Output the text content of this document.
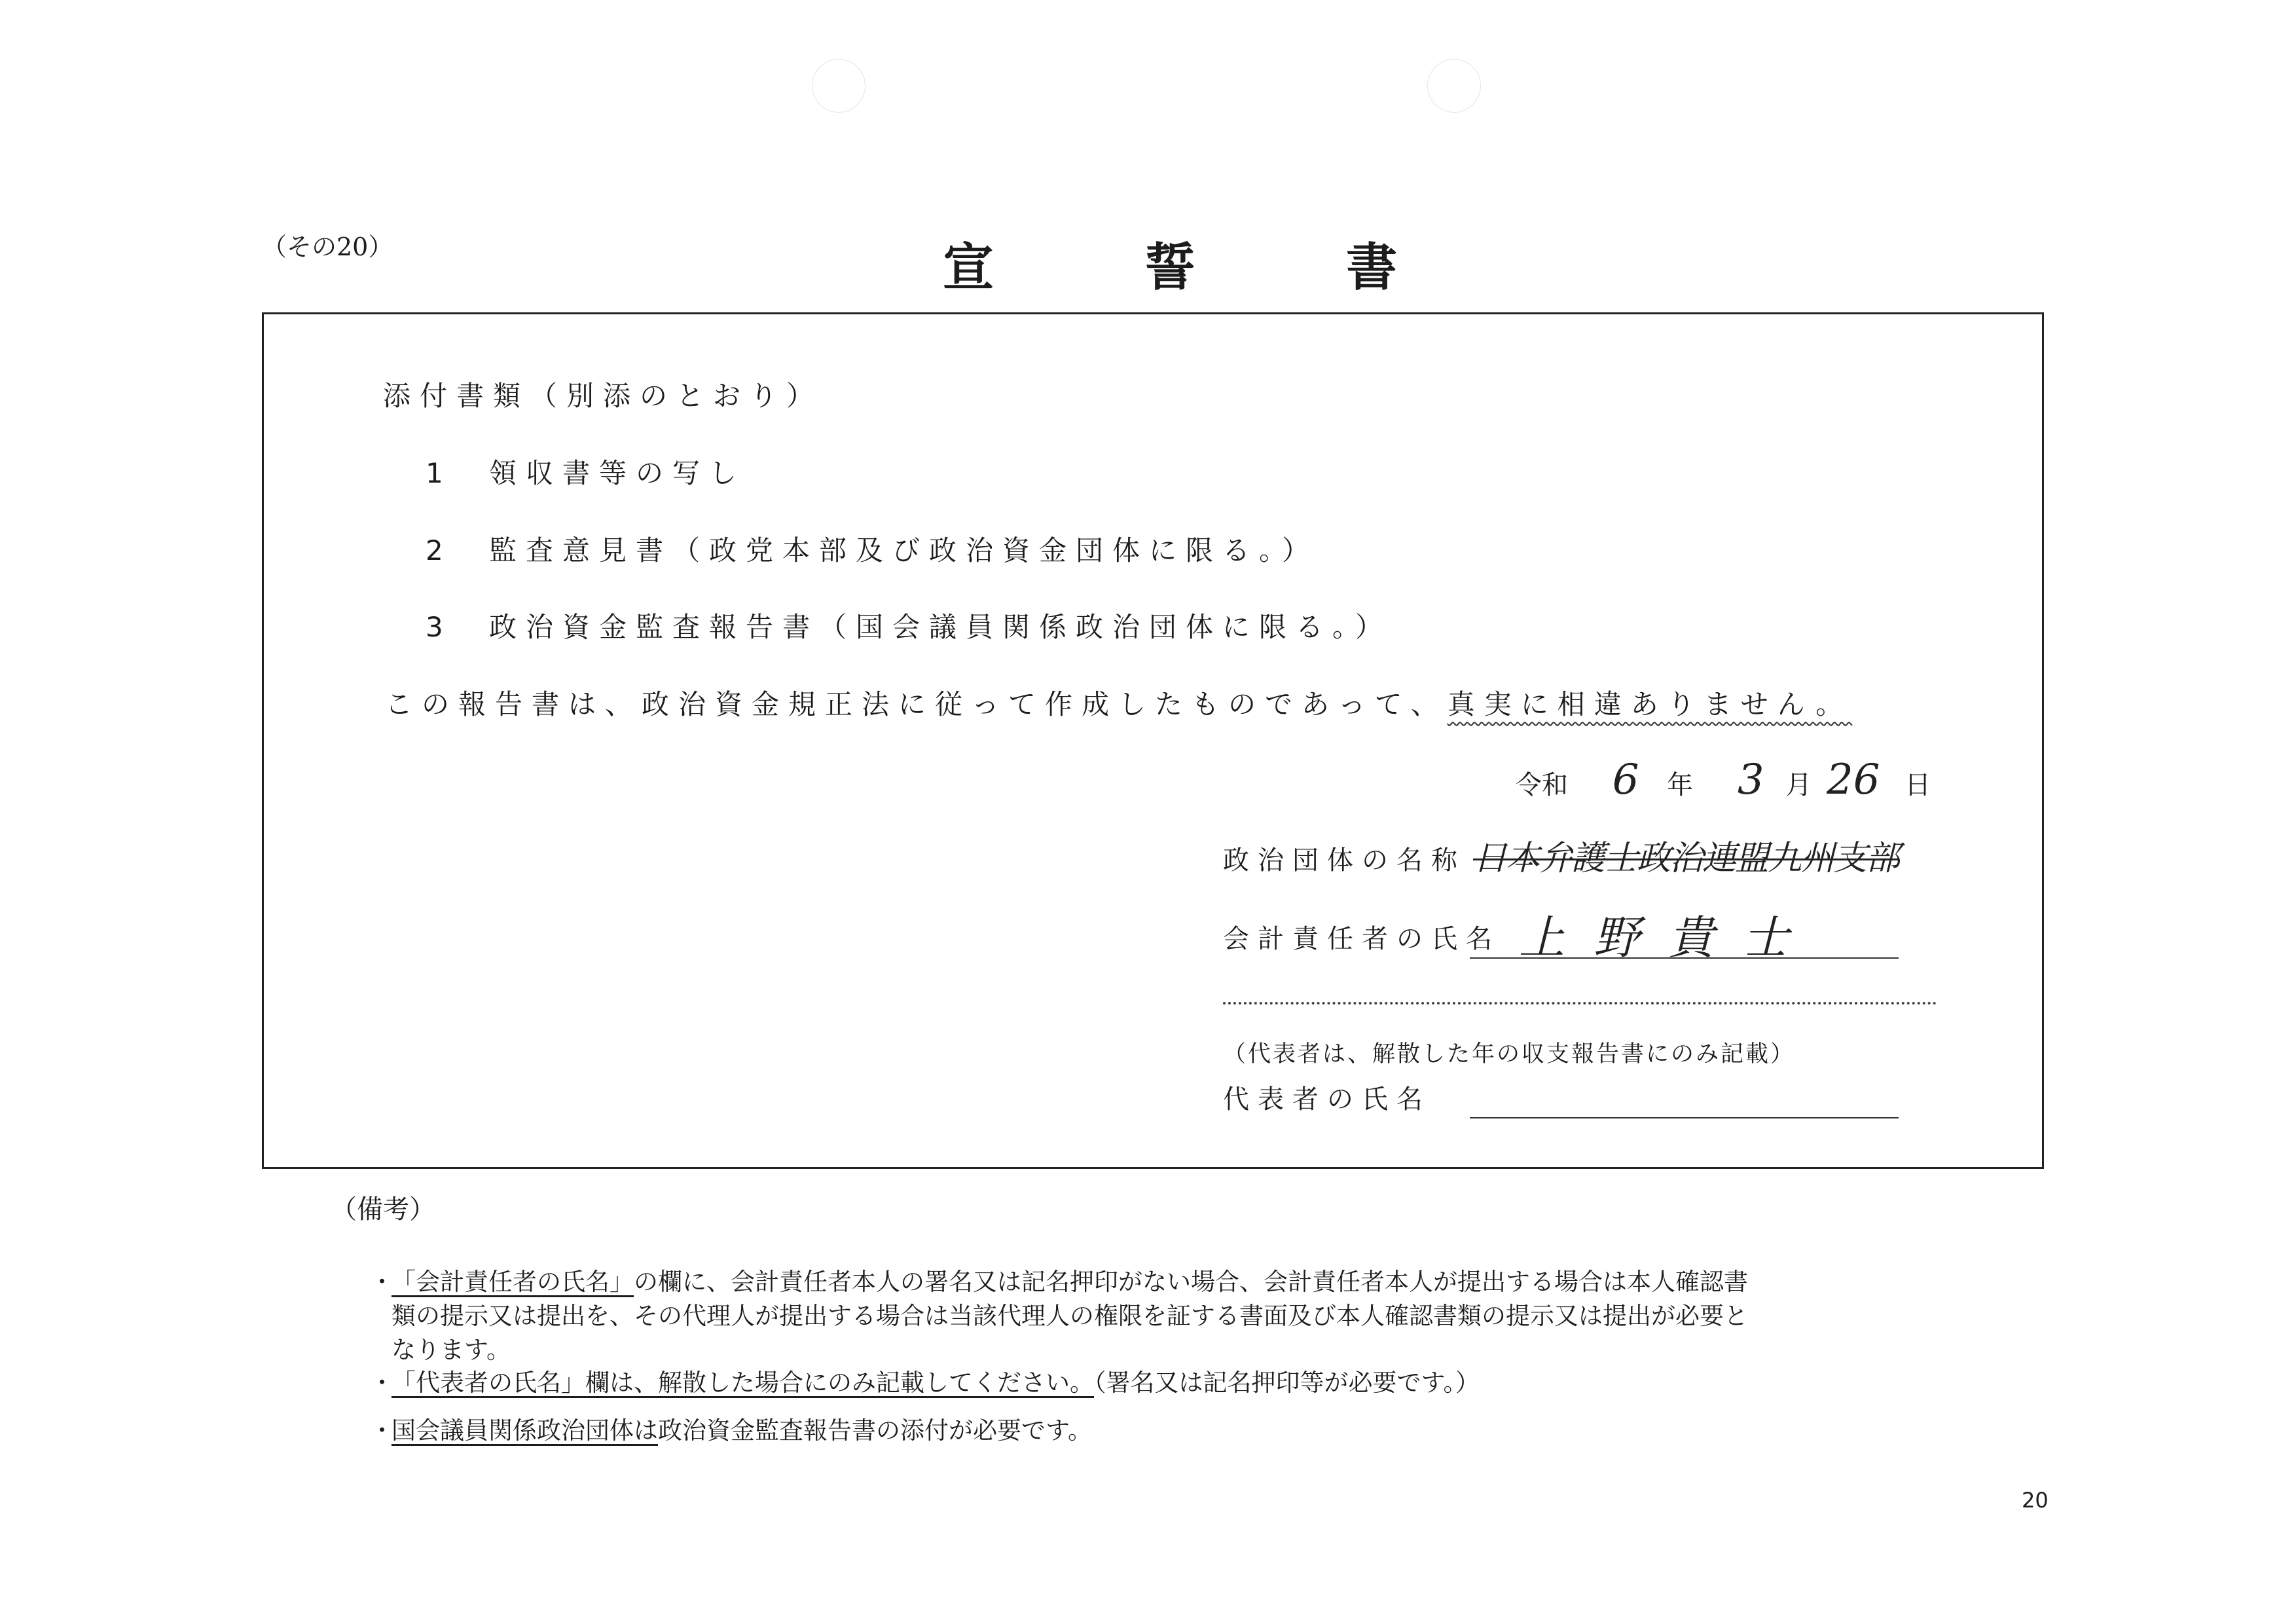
（その20）	宣誓書
添付書類（別添のとおり）
1 領収書等の写し
2 監査意見書（政党本部及び政治資金団体に限る。）
3 政治資金監査報告書（国会議員関係政治団体に限る。）
この報告書は、政治資金規正法に従って作成したものであって、真実に相違ありません。
令和 6 年 3 月 26 日
政治団体の名称 日本弁護士政治連盟九州支部
会計責任者の氏名 上野貴士
（代表者は、解散した年の収支報告書にのみ記載）
代表者の氏名
（備考）
・
「会計責任者の氏名」の欄に、会計責任者本人の署名又は記名押印がない場合、会計責任者本人が提出する場合は本人確認書類の提示又は提出を、その代理人が提出する場合は当該代理人の権限を証する書面及び本人確認書類の提示又は提出が必要となります。
・
「代表者の氏名」欄は、解散した場合にのみ記載してください。（署名又は記名押印等が必要です。）
・
国会議員関係政治団体は政治資金監査報告書の添付が必要です。
20
